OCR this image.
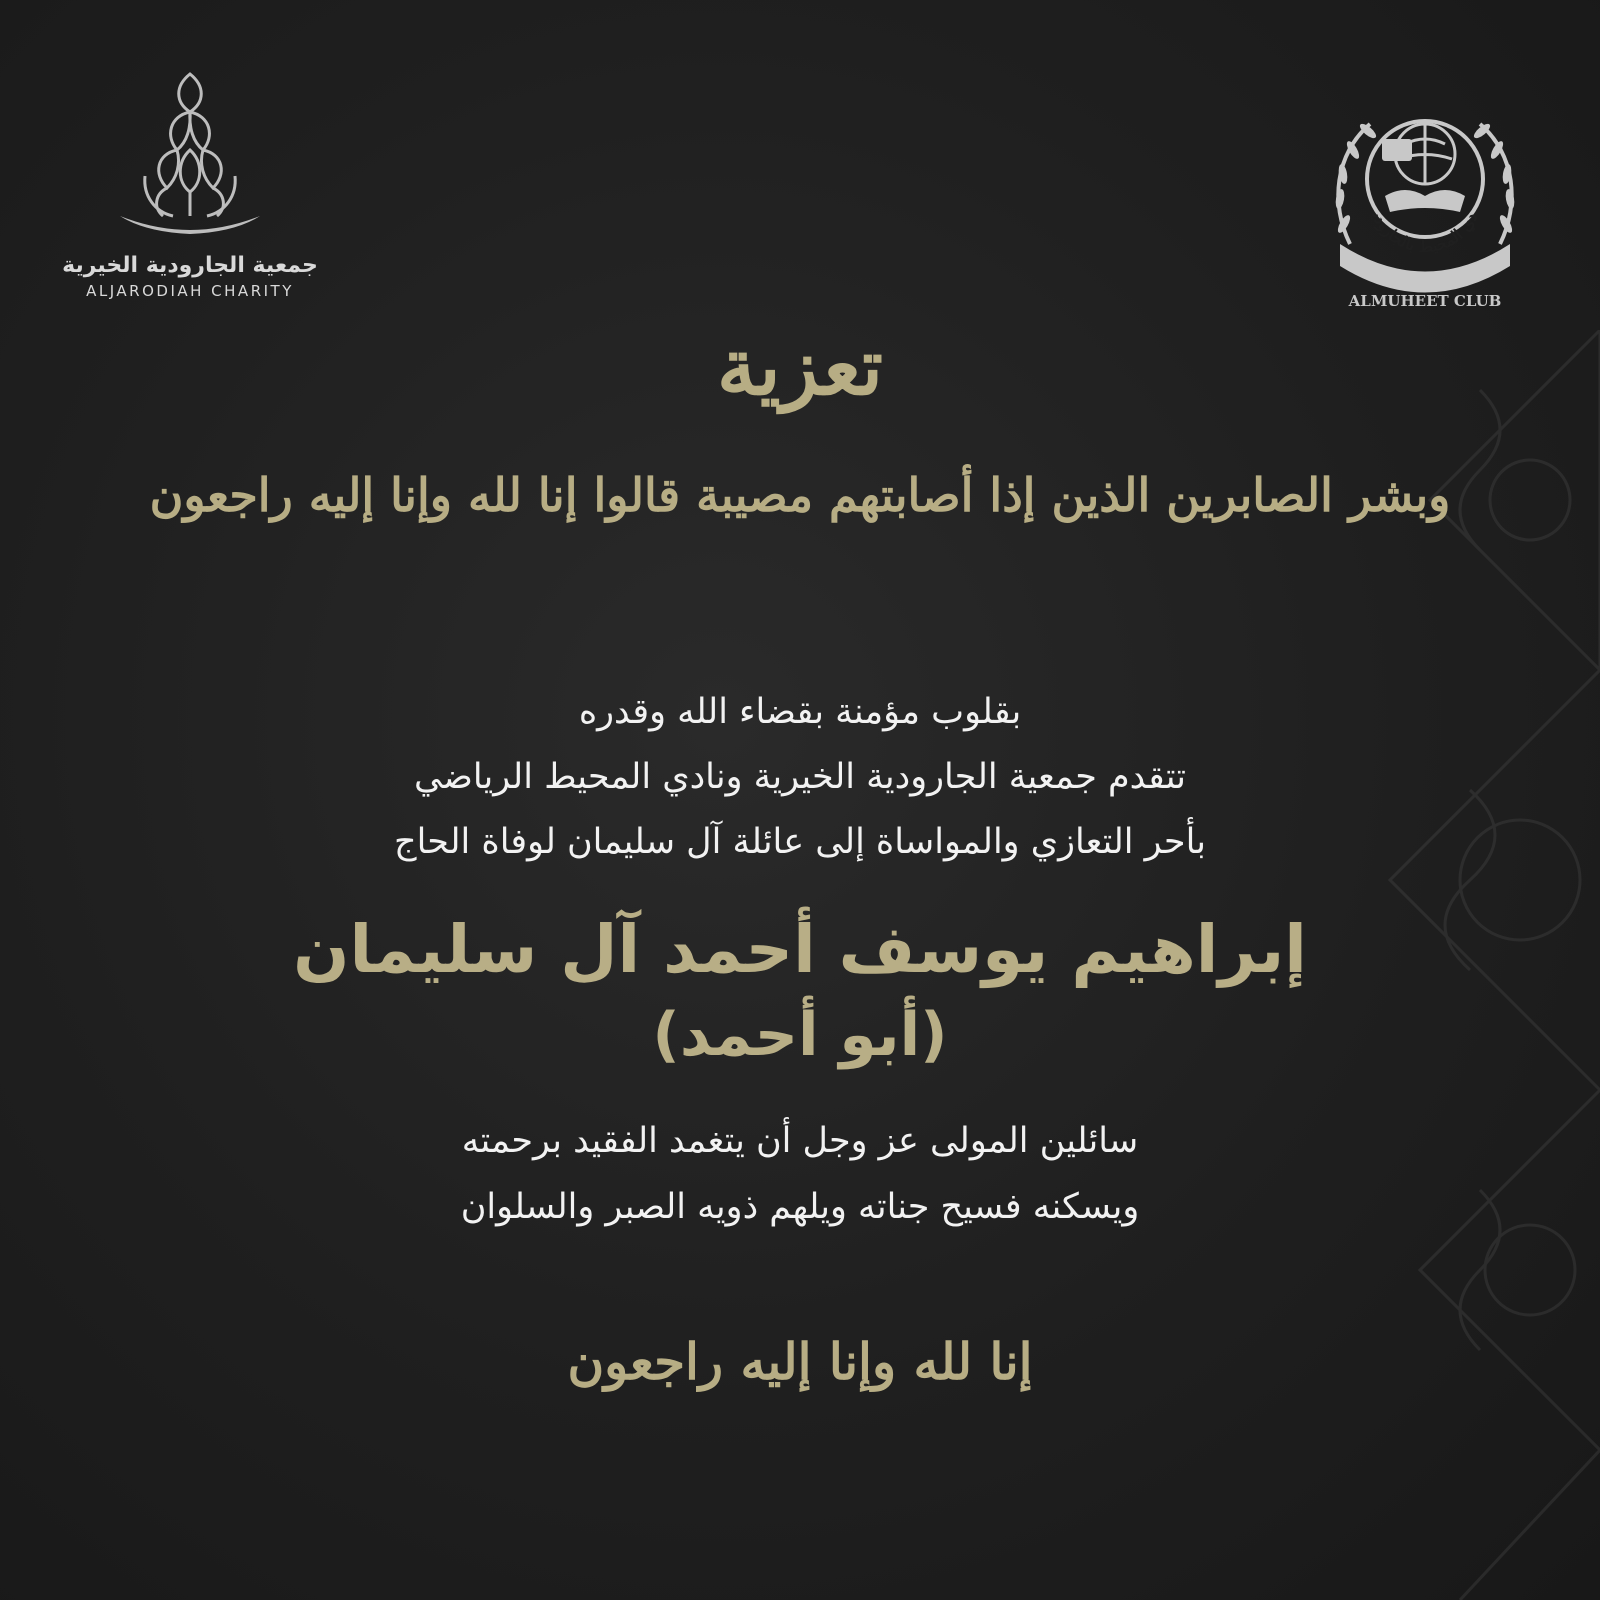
جمعية الجارودية الخيرية
ALJARODIAH CHARITY
دي المحيط بالجارودي
ALMUHEET CLUB
تعزية
وبشر الصابرين الذين إذا أصابتهم مصيبة قالوا إنا لله وإنا إليه راجعون
بقلوب مؤمنة بقضاء الله وقدره
تتقدم جمعية الجارودية الخيرية ونادي المحيط الرياضي
بأحر التعازي والمواساة إلى عائلة آل سليمان لوفاة الحاج
إبراهيم يوسف أحمد آل سليمان
(أبو أحمد)
سائلين المولى عز وجل أن يتغمد الفقيد برحمته
ويسكنه فسيح جناته ويلهم ذويه الصبر والسلوان
إنا لله وإنا إليه راجعون
